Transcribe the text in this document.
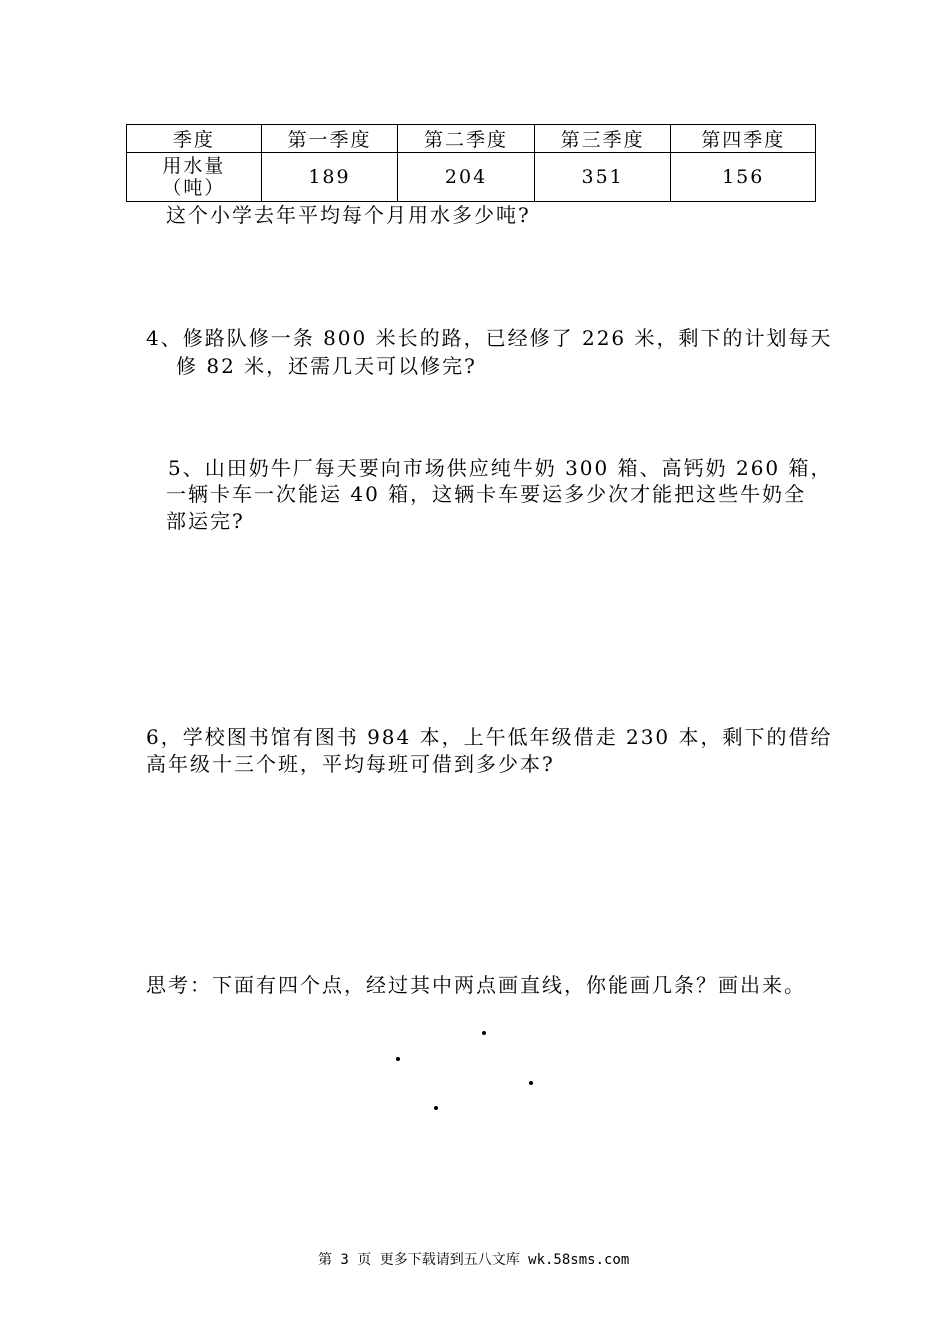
季度	第一季度	第二季度	第三季度	第四季度

用水量
（吨）	189	204	351	156
这个小学去年平均每个月用水多少吨?
4、修路队修一条 800 米长的路，已经修了 226 米，剩下的计划每天
修 82 米，还需几天可以修完?
5、山田奶牛厂每天要向市场供应纯牛奶 300 箱、高钙奶 260 箱，
一辆卡车一次能运 40 箱，这辆卡车要运多少次才能把这些牛奶全
部运完?
6，学校图书馆有图书 984 本，上午低年级借走 230 本，剩下的借给
高年级十三个班，平均每班可借到多少本?
思考：下面有四个点，经过其中两点画直线，你能画几条？画出来。
第 3 页 更多下载请到五八文库 wk.58sms.com
